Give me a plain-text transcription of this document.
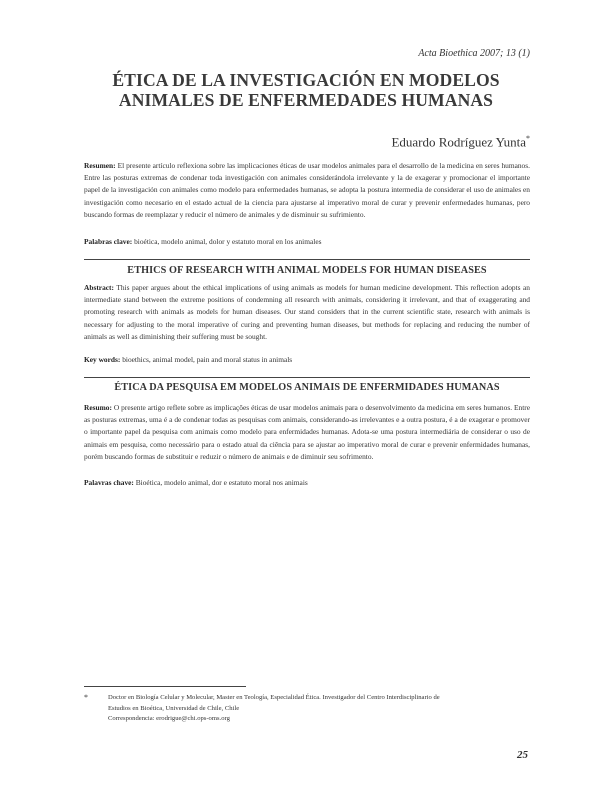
Acta Bioethica 2007; 13 (1)
ÉTICA DE LA INVESTIGACIÓN EN MODELOS
ANIMALES DE ENFERMEDADES HUMANAS
Eduardo Rodríguez Yunta*
Resumen: El presente artículo reflexiona sobre las implicaciones éticas de usar modelos animales para el desarrollo de la medicina en seres humanos. Entre las posturas extremas de condenar toda investigación con animales considerándola irrelevante y la de exagerar y promocionar el importante papel de la investigación con animales como modelo para enfermedades humanas, se adopta la postura intermedia de considerar el uso de animales en investigación como necesario en el estado actual de la ciencia para ajustarse al imperativo moral de curar y prevenir enfermedades humanas, pero buscando formas de reemplazar y reducir el número de animales y de disminuir su sufrimiento.
Palabras clave: bioética, modelo animal, dolor y estatuto moral en los animales
ETHICS OF RESEARCH WITH ANIMAL MODELS FOR HUMAN DISEASES
Abstract: This paper argues about the ethical implications of using animals as models for human medicine development. This reflection adopts an intermediate stand between the extreme positions of condemning all research with animals, considering it irrelevant, and that of exaggerating and promoting research with animals as models for human diseases. Our stand considers that in the current scientific state, research with animals is necessary for adjusting to the moral imperative of curing and preventing human diseases, but methods for replacing and reducing the number of animals as well as diminishing their suffering must be sought.
Key words: bioethics, animal model, pain and moral status in animals
ÉTICA DA PESQUISA EM MODELOS ANIMAIS DE ENFERMIDADES HUMANAS
Resumo: O presente artigo reflete sobre as implicações éticas de usar modelos animais para o desenvolvimento da medicina em seres humanos. Entre as posturas extremas, uma é a de condenar todas as pesquisas com animais, considerando-as irrelevantes e a outra postura, é a de exagerar e promover o importante papel da pesquisa com animais como modelo para enfermidades humanas. Adota-se uma postura intermediária de considerar o uso de animais em pesquisa, como necessário para o estado atual da ciência para se ajustar ao imperativo moral de curar e prevenir enfermidades humanas, porém buscando formas de substituir e reduzir o número de animais e de diminuir seu sofrimento.
Palavras chave: Bioética, modelo animal, dor e estatuto moral nos animais
*	Doctor en Biología Celular y Molecular, Master en Teología, Especialidad Ética. Investigador del Centro Interdisciplinario de
Estudios en Bioética, Universidad de Chile, Chile
Correspondencia: erodrigue@chi.ops-oms.org
25
